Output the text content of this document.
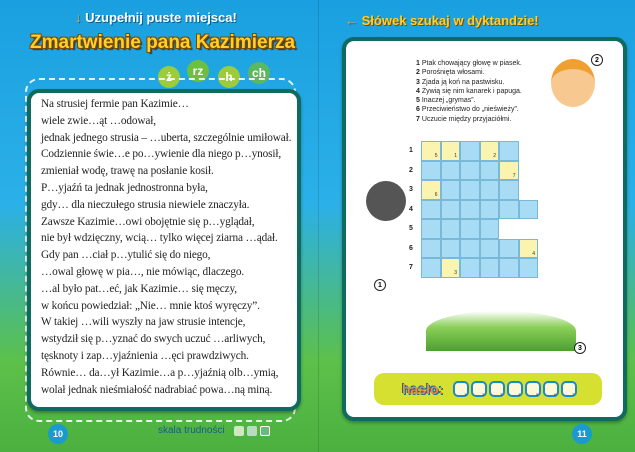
↓ Uzupełnij puste miejsca!
Zmartwienie pana Kazimierza
ż	rz	h	ch
Na strusiej fermie pan Kazimie…
wiele zwie…ąt …odował,
jednak jednego strusia – …uberta, szczególnie umiłował.
Codziennie świe…e po…ywienie dla niego p…ynosił,
zmieniał wodę, trawę na posłanie kosił.
P…yjaźń ta jednak jednostronna była,
gdy… dla nieczułego strusia niewiele znaczyła.
Zawsze Kazimie…owi obojętnie się p…yglądał,
nie był wdzięczny, wcią… tylko więcej ziarna …ądał.
Gdy pan …ciał p…ytulić się do niego,
…owal głowę w pia…, nie mówiąc, dlaczego.
…al było pat…eć, jak Kazimie… się męczy,
w końcu powiedział: „Nie… mnie ktoś wyręczy”.
W takiej …wili wyszły na jaw strusie intencje,
wstydził się p…yznać do swych uczuć …arliwych,
tęsknoty i zap…yjaźnienia …ęci prawdziwych.
Równie… da…ył Kazimie…a p…yjaźnią olb…ymią,
wolał jednak nieśmiałość nadrabiać powa…ną miną.
10	skala trudności
← Słówek szukaj w dyktandzie!
1 Ptak chowający głowę w piasek.
2 Porośnięta włosami.
3 Zjada ją koń na pastwisku.
4 Żywią się nim kanarek i papuga.
5 Inaczej „grymas”.
6 Przeciwieństwo do „nieświeży”.
7 Uczucie między przyjaciółmi.
1
5	1	2
2
7
3
6
4
5
6
4
7
3
1
2
3
hasło:	1	2	3	4	5	6	7
11
